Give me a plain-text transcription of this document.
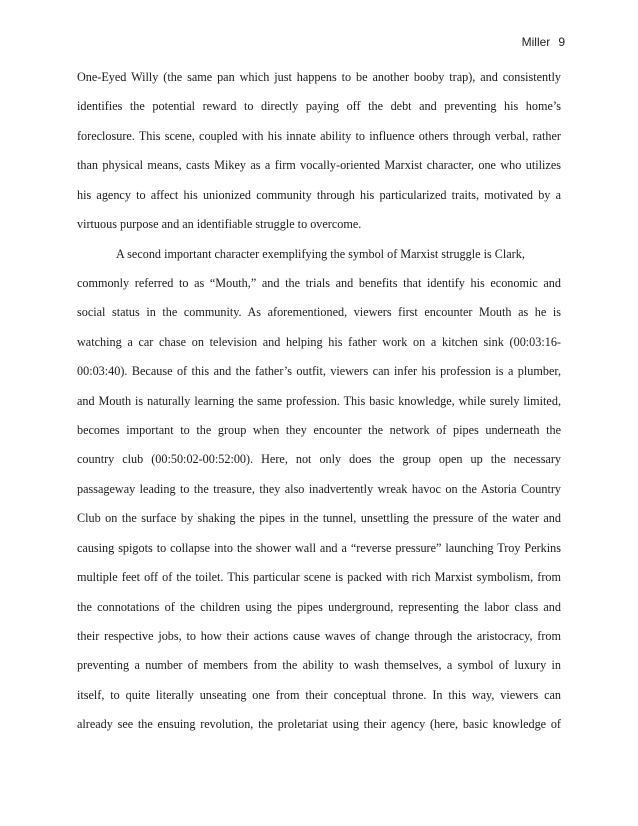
Miller 9
One-Eyed Willy (the same pan which just happens to be another booby trap), and consistently
identifies the potential reward to directly paying off the debt and preventing his home’s
foreclosure. This scene, coupled with his innate ability to influence others through verbal, rather
than physical means, casts Mikey as a firm vocally-oriented Marxist character, one who utilizes
his agency to affect his unionized community through his particularized traits, motivated by a
virtuous purpose and an identifiable struggle to overcome.
A second important character exemplifying the symbol of Marxist struggle is Clark,
commonly referred to as “Mouth,” and the trials and benefits that identify his economic and
social status in the community. As aforementioned, viewers first encounter Mouth as he is
watching a car chase on television and helping his father work on a kitchen sink (00:03:16-
00:03:40). Because of this and the father’s outfit, viewers can infer his profession is a plumber,
and Mouth is naturally learning the same profession. This basic knowledge, while surely limited,
becomes important to the group when they encounter the network of pipes underneath the
country club (00:50:02-00:52:00). Here, not only does the group open up the necessary
passageway leading to the treasure, they also inadvertently wreak havoc on the Astoria Country
Club on the surface by shaking the pipes in the tunnel, unsettling the pressure of the water and
causing spigots to collapse into the shower wall and a “reverse pressure” launching Troy Perkins
multiple feet off of the toilet. This particular scene is packed with rich Marxist symbolism, from
the connotations of the children using the pipes underground, representing the labor class and
their respective jobs, to how their actions cause waves of change through the aristocracy, from
preventing a number of members from the ability to wash themselves, a symbol of luxury in
itself, to quite literally unseating one from their conceptual throne. In this way, viewers can
already see the ensuing revolution, the proletariat using their agency (here, basic knowledge of
